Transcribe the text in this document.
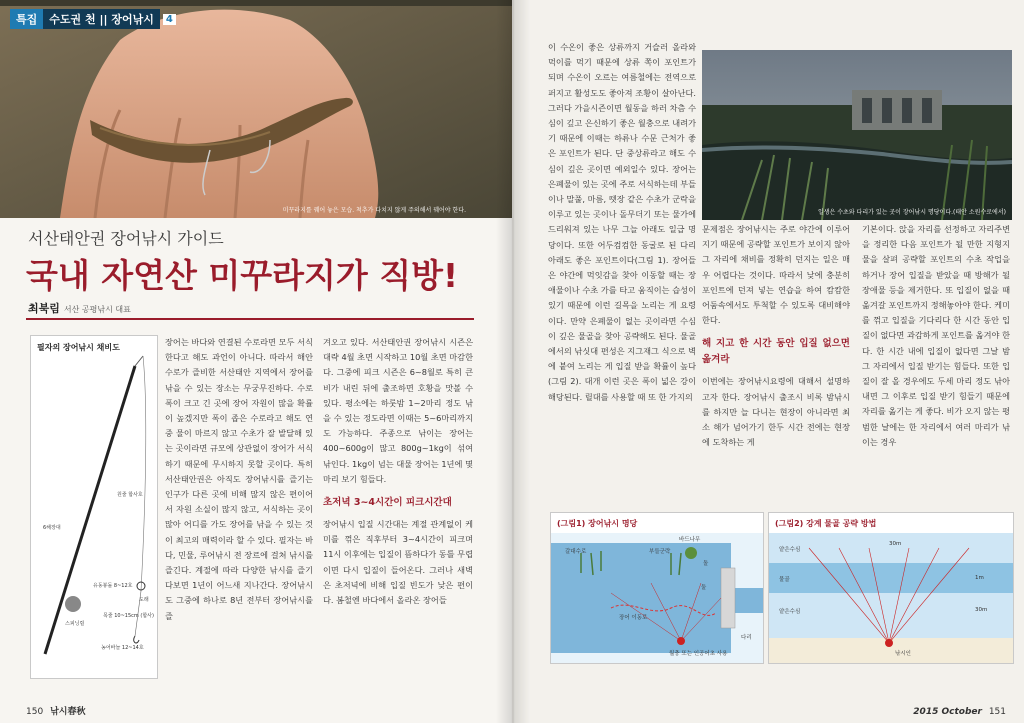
미꾸라지를 꿰어 놓은 모습. 척추가 다치지 않게 주의해서 꿰어야 한다.
특집	수도권 천 || 장어낚시	4
서산태안권 장어낚시 가이드
국내 자연산 미꾸라지가 직방!
최북림 서산 공평낚시 대표
필자의 장어낚시 채비도
원줄 합사호
6해장대
유동봉돌 8~12호
도래
목줄 10~15cm (합사)
스피닝릴
농어바늘 12~14호
장어는 바다와 연결된 수로라면 모두 서식한다고 해도 과언이 아니다. 따라서 해안 수로가 즐비한 서산태안 지역에서 장어를 낚을 수 있는 장소는 무궁무진하다. 수로 폭이 크고 긴 곳에 장어 자원이 많을 확률이 높겠지만 폭이 좁은 수로라고 해도 연중 물이 마르지 않고 수초가 잘 발달해 있는 곳이라면 규모에 상관없이 장어가 서식하기 때문에 무시하지 못할 곳이다. 특히 서산태안권은 아직도 장어낚시를 즐기는 인구가 다른 곳에 비해 많지 않은 편이어서 자원 소실이 많지 않고, 서식하는 곳이 많아 어디를 가도 장어를 낚을 수 있는 것이 최고의 매력이라 할 수 있다. 필자는 바다, 민물, 루어낚시 전 장르에 걸쳐 낚시를 즐긴다. 계절에 따라 다양한 낚시를 즐기다보면 1년이 어느새 지나간다. 장어낚시도 그중에 하나로 8년 전부터 장어낚시를 즐
겨오고 있다. 서산태안권 장어낚시 시즌은 대략 4월 초면 시작하고 10월 초면 마감한다. 그중에 피크 시즌은 6~8월로 특히 큰 비가 내린 뒤에 출조하면 호황을 맛볼 수 있다. 평소에는 하룻밤 1~2마리 정도 낚을 수 있는 정도라면 이때는 5~6마리까지도 가능하다. 주종으로 낚이는 장어는 400~600g이 많고 800g~1kg이 섞여 낚인다. 1kg이 넘는 대물 장어는 1년에 몇 마리 보기 힘들다.
초저녁 3~4시간이 피크시간대
장어낚시 입질 시간대는 계절 관계없이 케미를 꺾은 직후부터 3~4시간이 피크며 11시 이후에는 입질이 뜸하다가 동틀 무렵이면 다시 입질이 들어온다. 그러나 새벽은 초저녁에 비해 입질 빈도가 낮은 편이다. 봄철엔 바다에서 올라온 장어들
150 낚시春秋
이 수온이 좋은 상류까지 거슬러 올라와 먹이를 먹기 때문에 상류 쪽이 포인트가 되며 수온이 오르는 여름철에는 전역으로 퍼지고 활성도도 좋아져 조황이 살아난다. 그러다 가을시즌이면 월동을 하러 차츰 수심이 깊고 은신하기 좋은 월충으로 내려가기 때문에 이때는 하류나 수문 근처가 좋은 포인트가 된다. 단 중상류라고 해도 수심이 깊은 곳이면 예외일수 있다. 장어는 은폐물이 있는 곳에 주로 서식하는데 부들이나 말풀, 마름, 뗏장 같은 수초가 군락을 이루고 있는 곳이나 돌무더기 또는 물가에 드리워져 있는 나무 그늘 아래도 일급 명당이다. 또한 어두컴컴한 동굴로 된 다리 아래도 좋은 포인트이다(그림 1). 장어들은 야간에 먹잇감을 찾아 이동할 때는 장애물이나 수초 가를 타고 움직이는 습성이 있기 때문에 이런 길목을 노리는 게 요령이다. 만약 은폐물이 없는 곳이라면 수심이 깊은 물골을 찾아 공략해도 된다. 물골에서의 낚싯대 편성은 지그재그 식으로 벽에 붙여 노리는 게 입질 받을 확률이 높다(그림 2). 대개 이런 곳은 폭이 넓은 강이 해당된다. 릴대를 사용할 때 또 한 가지의
일생은 수초와 다리가 있는 곳이 장어낚시 명당이다.(태안 소원수로에서)
문제점은 장어낚시는 주로 야간에 이루어지기 때문에 공략할 포인트가 보이지 않아 그 자리에 채비를 정확히 던지는 일은 매우 어렵다는 것이다. 따라서 낮에 충분히 포인트에 던져 넣는 연습을 하여 캄캄한 어둠속에서도 투척할 수 있도록 대비해야 한다.
해 지고 한 시간 동안 입질 없으면 옮겨라
이번에는 장어낚시요령에 대해서 설명하고자 한다. 장어낚시 출조시 비록 밤낚시를 하지만 늘 다니는 현장이 아니라면 최소 해가 넘어가기 한두 시간 전에는 현장에 도착하는 게
기본이다. 앉을 자리를 선정하고 자리주변을 정리한 다음 포인트가 될 만한 지형지물을 살펴 공략할 포인트의 수초 작업을 하거나 장어 입질을 받았을 때 방해가 될 장애물 등을 제거한다. 또 입질이 없을 때 옮겨갈 포인트까지 정해놓아야 한다. 케미를 꺾고 입질을 기다리다 한 시간 동안 입질이 없다면 과감하게 포인트를 옮겨야 한다. 한 시간 내에 입질이 없다면 그날 밤 그 자리에서 입질 받기는 힘들다. 또한 입질이 잘 올 경우에도 두세 마리 정도 낚아내면 그 이후로 입질 받기 힘들기 때문에 자리를 옮기는 게 좋다. 비가 오지 않는 평범한 날에는 한 자리에서 여러 마리가 낚이는 경우
(그림1) 장어낚시 명당
갈대수로	부들군락
바드나무
돌
장어 이동로
월충 또는 인공어초 사용
다리
둘
(그림2) 강계 물골 공략 방법
얕은수심
물골
얕은수심
30m
1m
30m
낚시인
2015 October 151
